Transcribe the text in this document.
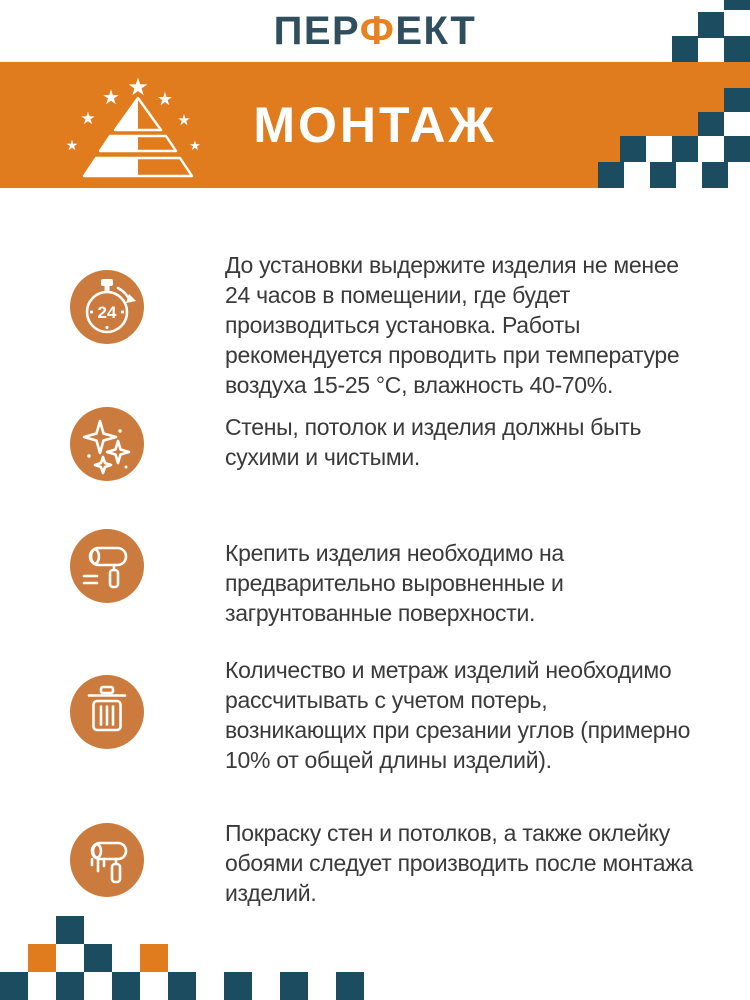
ПЕРФЕКТ
МОНТАЖ
★
★
★ ★ ★
★
★
24
До установки выдержите изделия не менее 24 часов в помещении, где будет производиться установка. Работы рекомендуется проводить при температуре воздуха 15-25 °C, влажность 40-70%.
Стены, потолок и изделия должны быть сухими и чистыми.
Крепить изделия необходимо на предварительно выровненные и загрунтованные поверхности.
Количество и метраж изделий необходимо рассчитывать с учетом потерь, возникающих при срезании углов (примерно 10% от общей длины изделий).
Покраску стен и потолков, а также оклейку обоями следует производить после монтажа изделий.
